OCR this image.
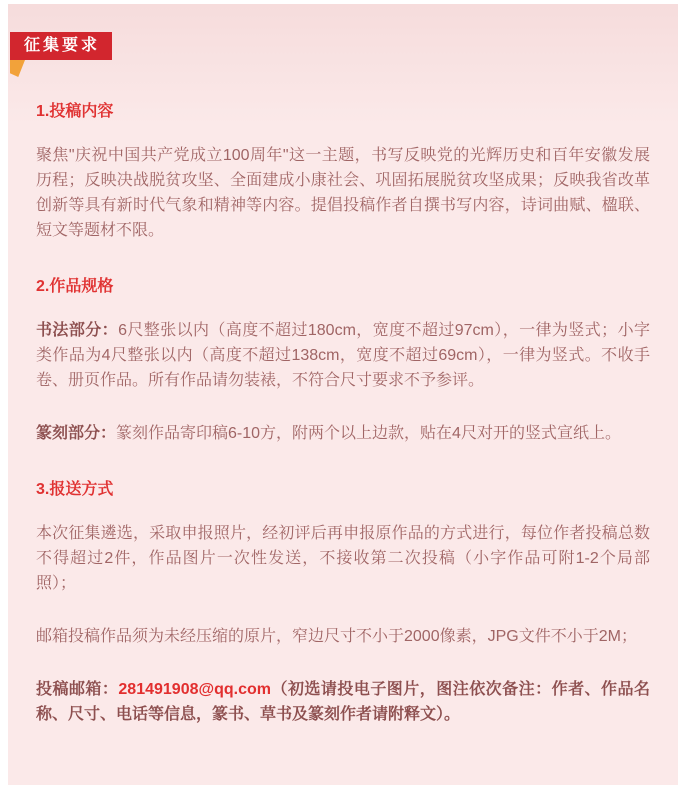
征集要求
1.投稿内容

聚焦"庆祝中国共产党成立100周年"这一主题，书写反映党的光辉历史和百年安徽发展历程；反映决战脱贫攻坚、全面建成小康社会、巩固拓展脱贫攻坚成果；反映我省改革创新等具有新时代气象和精神等内容。提倡投稿作者自撰书写内容，诗词曲赋、楹联、短文等题材不限。

2.作品规格

书法部分：6尺整张以内（高度不超过180cm，宽度不超过97cm），一律为竖式；小字类作品为4尺整张以内（高度不超过138cm，宽度不超过69cm），一律为竖式。不收手卷、册页作品。所有作品请勿装裱，不符合尺寸要求不予参评。

篆刻部分：篆刻作品寄印稿6-10方，附两个以上边款，贴在4尺对开的竖式宣纸上。

3.报送方式

本次征集遴选，采取申报照片，经初评后再申报原作品的方式进行，每位作者投稿总数不得超过2件，作品图片一次性发送，不接收第二次投稿（小字作品可附1-2个局部照）；

邮箱投稿作品须为未经压缩的原片，窄边尺寸不小于2000像素，JPG文件不小于2M；

投稿邮箱：281491908@qq.com（初选请投电子图片，图注依次备注：作者、作品名称、尺寸、电话等信息，篆书、草书及篆刻作者请附释文）。
